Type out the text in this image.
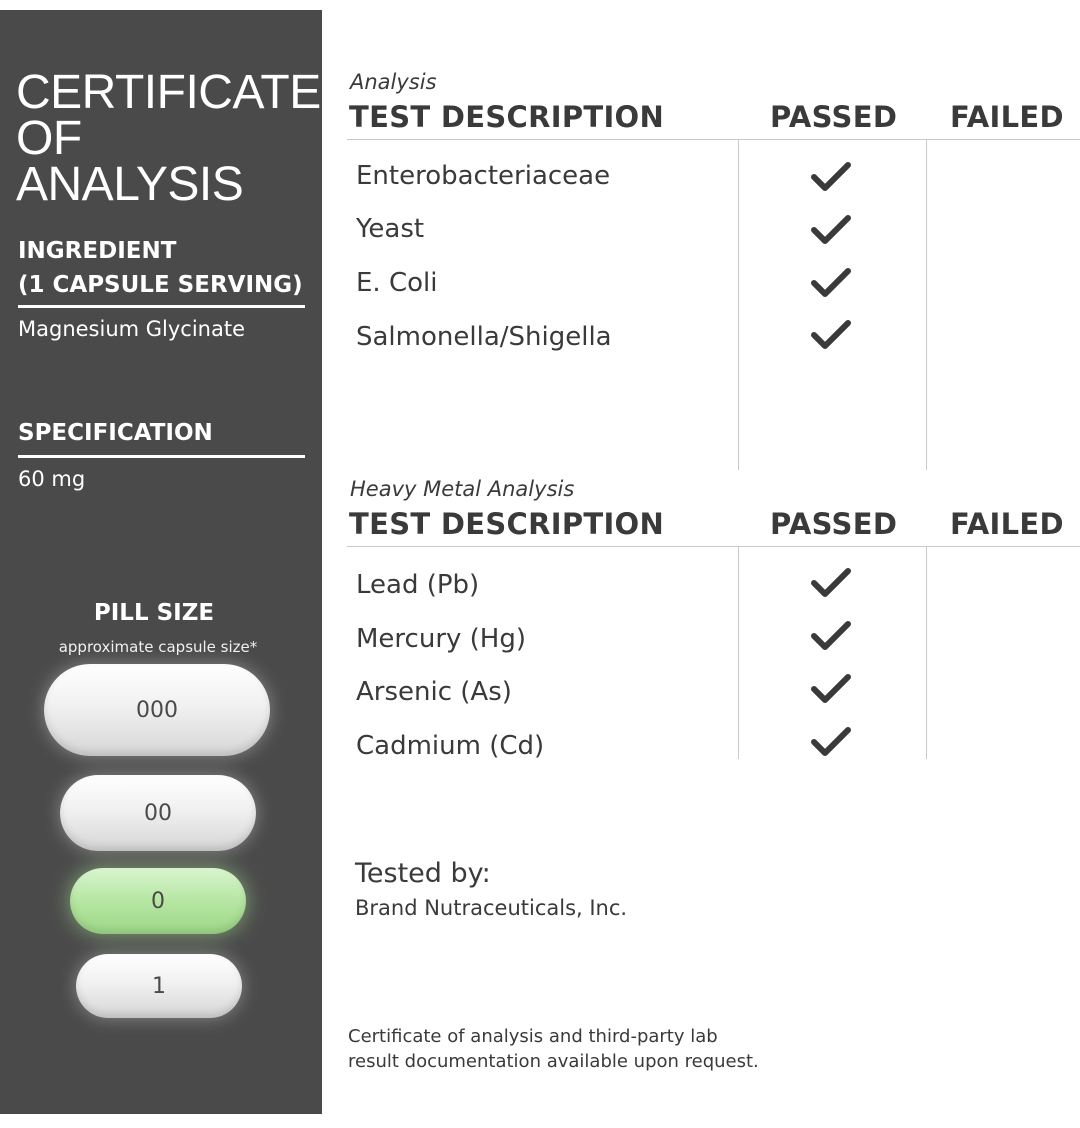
CERTIFICATE
OF ANALYSIS
INGREDIENT
(1 CAPSULE SERVING)
Magnesium Glycinate
SPECIFICATION
60 mg
PILL SIZE
approximate capsule size*
000
00
0
1
Analysis
TEST DESCRIPTION	PASSED FAILED
Enterobacteriaceae
Yeast
E. Coli
Salmonella/Shigella
Heavy Metal Analysis
TEST DESCRIPTION	PASSED FAILED
Lead (Pb)
Mercury (Hg)
Arsenic (As)
Cadmium (Cd)
Tested by:
Brand Nutraceuticals, Inc.
Certificate of analysis and third-party lab
result documentation available upon request.
